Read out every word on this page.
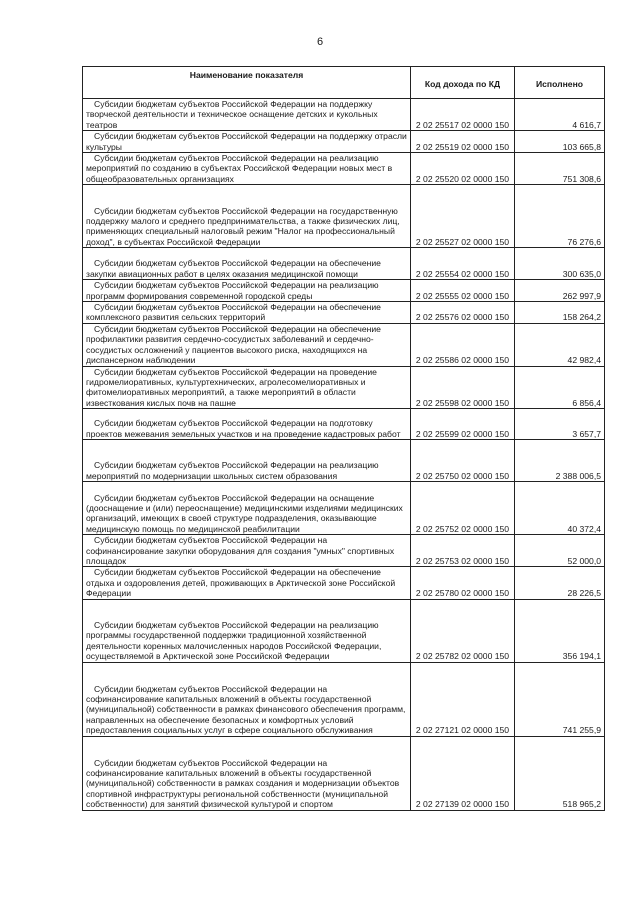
6
Наименование показателя	Код дохода по КД	Исполнено

Субсидии бюджетам субъектов Российской Федерации на поддержку творческой деятельности и техническое оснащение детских и кукольных театров	2 02 25517 02 0000 150	4 616,7

Субсидии бюджетам субъектов Российской Федерации на поддержку отрасли культуры	2 02 25519 02 0000 150	103 665,8

Субсидии бюджетам субъектов Российской Федерации на реализацию мероприятий по созданию в субъектах Российской Федерации новых мест в общеобразовательных организациях	2 02 25520 02 0000 150	751 308,6

Субсидии бюджетам субъектов Российской Федерации на государственную поддержку малого и среднего предпринимательства, а также физических лиц, применяющих специальный налоговый режим "Налог на профессиональный доход", в субъектах Российской Федерации	2 02 25527 02 0000 150	76 276,6

Субсидии бюджетам субъектов Российской Федерации на обеспечение закупки авиационных работ в целях оказания медицинской помощи	2 02 25554 02 0000 150	300 635,0

Субсидии бюджетам субъектов Российской Федерации на реализацию программ формирования современной городской среды	2 02 25555 02 0000 150	262 997,9

Субсидии бюджетам субъектов Российской Федерации на обеспечение комплексного развития сельских территорий	2 02 25576 02 0000 150	158 264,2

Субсидии бюджетам субъектов Российской Федерации на обеспечение профилактики развития сердечно-сосудистых заболеваний и сердечно-сосудистых осложнений у пациентов высокого риска, находящихся на диспансерном наблюдении	2 02 25586 02 0000 150	42 982,4

Субсидии бюджетам субъектов Российской Федерации на проведение гидромелиоративных, культуртехнических, агролесомелиоративных и фитомелиоративных мероприятий, а также мероприятий в области известкования кислых почв на пашне	2 02 25598 02 0000 150	6 856,4

Субсидии бюджетам субъектов Российской Федерации на подготовку проектов межевания земельных участков и на проведение кадастровых работ	2 02 25599 02 0000 150	3 657,7

Субсидии бюджетам субъектов Российской Федерации на реализацию мероприятий по модернизации школьных систем образования	2 02 25750 02 0000 150	2 388 006,5

Субсидии бюджетам субъектов Российской Федерации на оснащение (дооснащение и (или) переоснащение) медицинскими изделиями медицинских организаций, имеющих в своей структуре подразделения, оказывающие медицинскую помощь по медицинской реабилитации	2 02 25752 02 0000 150	40 372,4

Субсидии бюджетам субъектов Российской Федерации на софинансирование закупки оборудования для создания "умных" спортивных площадок	2 02 25753 02 0000 150	52 000,0

Субсидии бюджетам субъектов Российской Федерации на обеспечение отдыха и оздоровления детей, проживающих в Арктической зоне Российской Федерации	2 02 25780 02 0000 150	28 226,5

Субсидии бюджетам субъектов Российской Федерации на реализацию программы государственной поддержки традиционной хозяйственной деятельности коренных малочисленных народов Российской Федерации, осуществляемой в Арктической зоне Российской Федерации	2 02 25782 02 0000 150	356 194,1

Субсидии бюджетам субъектов Российской Федерации на софинансирование капитальных вложений в объекты государственной (муниципальной) собственности в рамках финансового обеспечения программ, направленных на обеспечение безопасных и комфортных условий предоставления социальных услуг в сфере социального обслуживания	2 02 27121 02 0000 150	741 255,9

Субсидии бюджетам субъектов Российской Федерации на софинансирование капитальных вложений в объекты государственной (муниципальной) собственности в рамках создания и модернизации объектов спортивной инфраструктуры региональной собственности (муниципальной собственности) для занятий физической культурой и спортом	2 02 27139 02 0000 150	518 965,2
